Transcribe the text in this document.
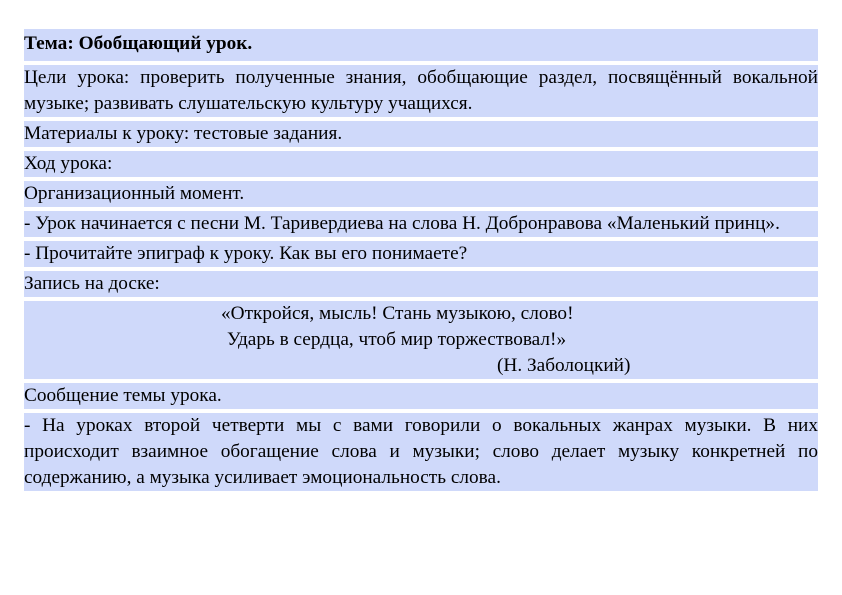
Тема: Обобщающий урок.
Цели урока: проверить полученные знания, обобщающие раздел, посвящённый вокальной музыке; развивать слушательскую культуру учащихся.
Материалы к уроку: тестовые задания.
Ход урока:
Организационный момент.
- Урок начинается с песни М. Таривердиева на слова Н. Добронравова «Маленький принц».
- Прочитайте эпиграф к уроку. Как вы его понимаете?
Запись на доске:
«Откройся, мысль! Стань музыкою, слово!
Ударь в сердца, чтоб мир торжествовал!»
(Н. Заболоцкий)
Сообщение темы урока.
- На уроках второй четверти мы с вами говорили о вокальных жанрах музыки. В них происходит взаимное обогащение слова и музыки; слово делает музыку конкретней по содержанию, а музыка усиливает эмоциональность слова.
